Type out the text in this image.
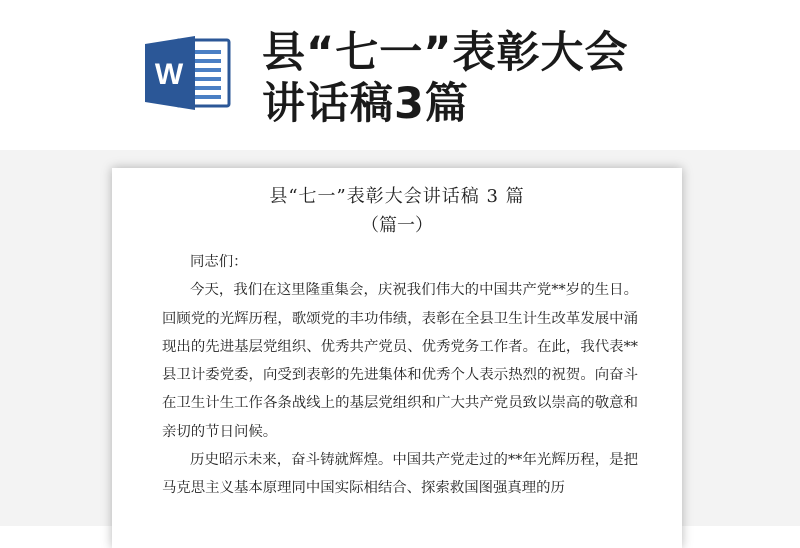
W 县“七一”表彰大会
讲话稿3篇
县“七一”表彰大会讲话稿 3 篇
（篇一）

同志们：

今天，我们在这里隆重集会，庆祝我们伟大的中国共产党**岁的生日。回顾党的光辉历程，歌颂党的丰功伟绩，表彰在全县卫生计生改革发展中涌现出的先进基层党组织、优秀共产党员、优秀党务工作者。在此，我代表**县卫计委党委，向受到表彰的先进集体和优秀个人表示热烈的祝贺。向奋斗在卫生计生工作各条战线上的基层党组织和广大共产党员致以崇高的敬意和亲切的节日问候。

历史昭示未来，奋斗铸就辉煌。中国共产党走过的**年光辉历程，是把马克思主义基本原理同中国实际相结合、探索救国图强真理的历
